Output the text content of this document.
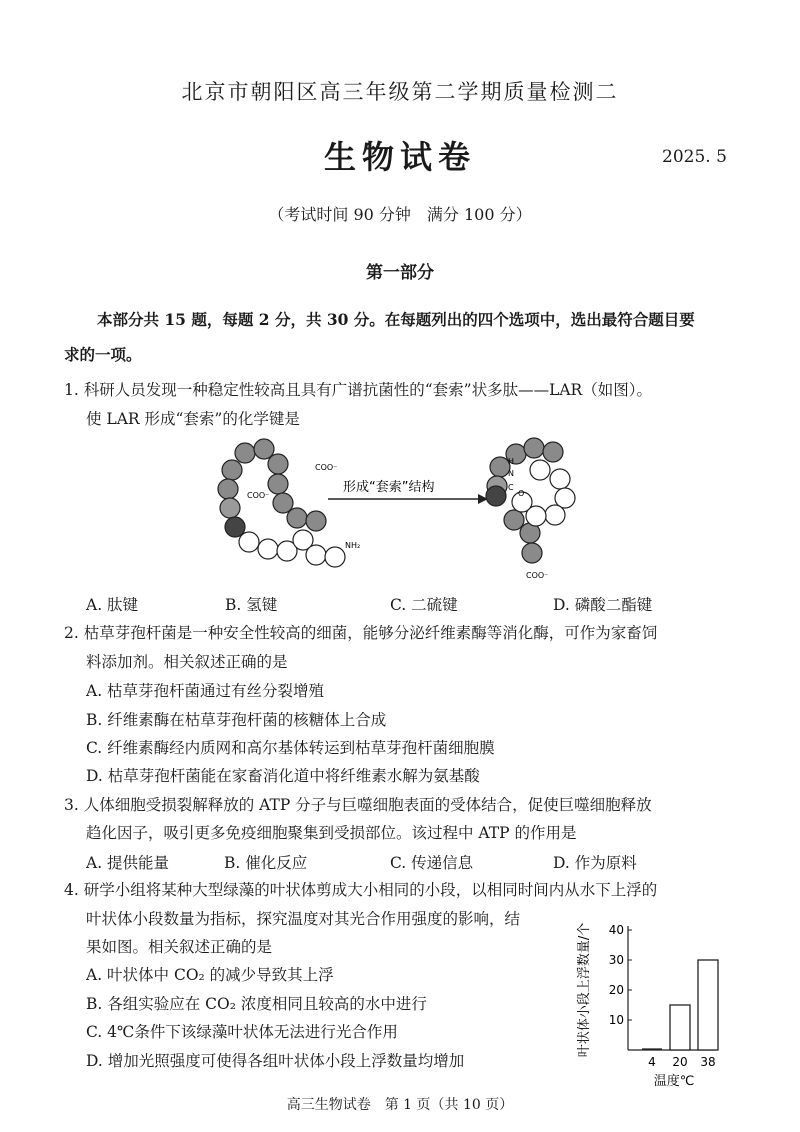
北京市朝阳区高三年级第二学期质量检测二
生物试卷	2025. 5
（考试时间 90 分钟　满分 100 分）
第一部分
本部分共 15 题，每题 2 分，共 30 分。在每题列出的四个选项中，选出最符合题目要
求的一项。
1. 科研人员发现一种稳定性较高且具有广谱抗菌性的“套索”状多肽——LAR（如图）。
使 LAR 形成“套索”的化学键是
COO⁻
COO⁻
NH₂
形成“套索”结构
H
N
C
O
COO⁻
A. 肽键	B. 氢键	C. 二硫键	D. 磷酸二酯键
2. 枯草芽孢杆菌是一种安全性较高的细菌，能够分泌纤维素酶等消化酶，可作为家畜饲
料添加剂。相关叙述正确的是
A. 枯草芽孢杆菌通过有丝分裂增殖
B. 纤维素酶在枯草芽孢杆菌的核糖体上合成
C. 纤维素酶经内质网和高尔基体转运到枯草芽孢杆菌细胞膜
D. 枯草芽孢杆菌能在家畜消化道中将纤维素水解为氨基酸
3. 人体细胞受损裂解释放的 ATP 分子与巨噬细胞表面的受体结合，促使巨噬细胞释放
趋化因子，吸引更多免疫细胞聚集到受损部位。该过程中 ATP 的作用是
A. 提供能量	B. 催化反应	C. 传递信息	D. 作为原料
4. 研学小组将某种大型绿藻的叶状体剪成大小相同的小段，以相同时间内从水下上浮的
叶状体小段数量为指标，探究温度对其光合作用强度的影响，结
果如图。相关叙述正确的是
A. 叶状体中 CO₂ 的减少导致其上浮
B. 各组实验应在 CO₂ 浓度相同且较高的水中进行
C. 4℃条件下该绿藻叶状体无法进行光合作用
D. 增加光照强度可使得各组叶状体小段上浮数量均增加
40
30
20
10
4 20 38
叶状体小段上浮数量/个
温度℃
高三生物试卷　第 1 页（共 10 页）
